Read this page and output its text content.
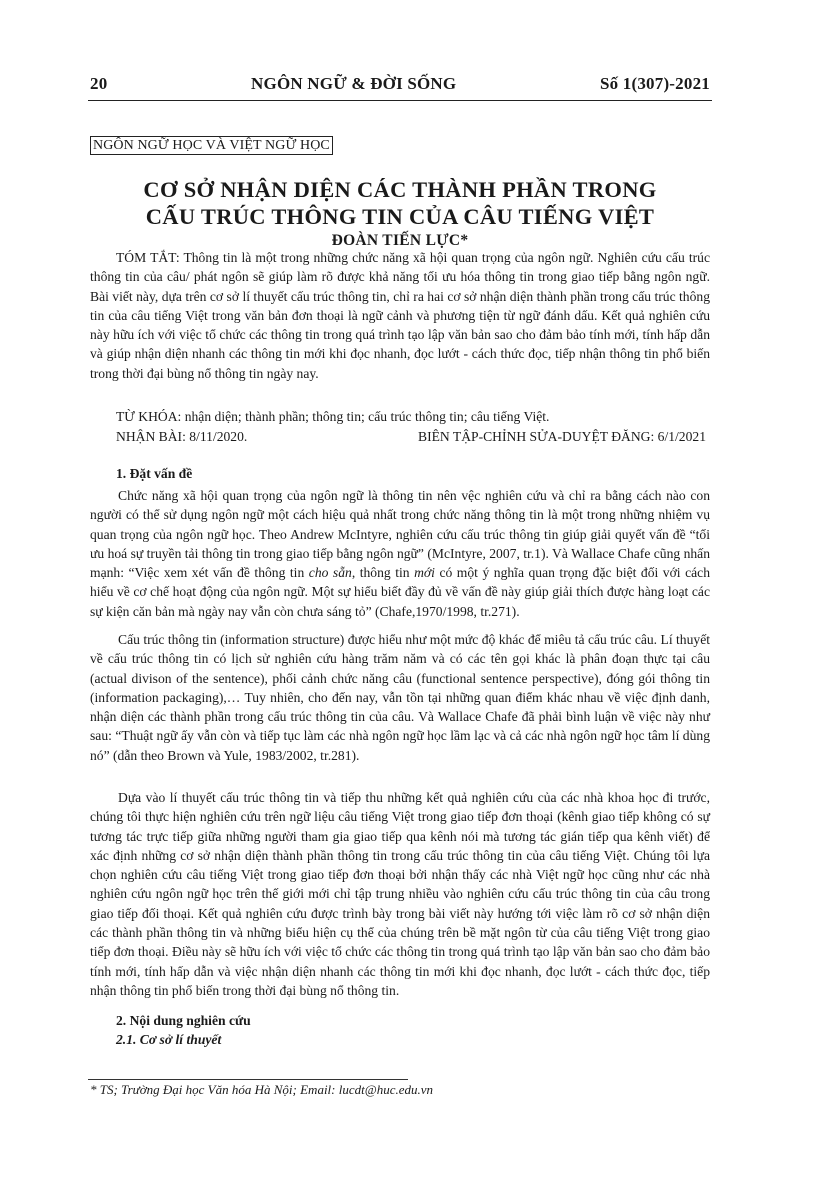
20	NGÔN NGỮ & ĐỜI SỐNG	Số 1(307)-2021
NGÔN NGỮ HỌC VÀ VIỆT NGỮ HỌC
CƠ SỞ NHẬN DIỆN CÁC THÀNH PHẦN TRONG
CẤU TRÚC THÔNG TIN CỦA CÂU TIẾNG VIỆT
ĐOÀN TIẾN LỰC*
TÓM TẮT: Thông tin là một trong những chức năng xã hội quan trọng của ngôn ngữ. Nghiên cứu cấu trúc thông tin của câu/ phát ngôn sẽ giúp làm rõ được khả năng tối ưu hóa thông tin trong giao tiếp bằng ngôn ngữ. Bài viết này, dựa trên cơ sở lí thuyết cấu trúc thông tin, chỉ ra hai cơ sở nhận diện thành phần trong cấu trúc thông tin của câu tiếng Việt trong văn bản đơn thoại là ngữ cảnh và phương tiện từ ngữ đánh dấu. Kết quả nghiên cứu này hữu ích với việc tổ chức các thông tin trong quá trình tạo lập văn bản sao cho đảm bảo tính mới, tính hấp dẫn và giúp nhận diện nhanh các thông tin mới khi đọc nhanh, đọc lướt - cách thức đọc, tiếp nhận thông tin phổ biến trong thời đại bùng nổ thông tin ngày nay.
TỪ KHÓA: nhận diện; thành phần; thông tin; cấu trúc thông tin; câu tiếng Việt.
NHẬN BÀI: 8/11/2020.	BIÊN TẬP-CHỈNH SỬA-DUYỆT ĐĂNG: 6/1/2021
1. Đặt vấn đề
Chức năng xã hội quan trọng của ngôn ngữ là thông tin nên vệc nghiên cứu và chỉ ra bằng cách nào con người có thể sử dụng ngôn ngữ một cách hiệu quả nhất trong chức năng thông tin là một trong những nhiệm vụ quan trọng của ngôn ngữ học. Theo Andrew McIntyre, nghiên cứu cấu trúc thông tin giúp giải quyết vấn đề “tối ưu hoá sự truyền tải thông tin trong giao tiếp bằng ngôn ngữ” (McIntyre, 2007, tr.1). Và Wallace Chafe cũng nhấn mạnh: “Việc xem xét vấn đề thông tin cho sẵn, thông tin mới có một ý nghĩa quan trọng đặc biệt đối với cách hiểu về cơ chế hoạt động của ngôn ngữ. Một sự hiểu biết đầy đủ về vấn đề này giúp giải thích được hàng loạt các sự kiện căn bản mà ngày nay vẫn còn chưa sáng tỏ” (Chafe,1970/1998, tr.271).
Cấu trúc thông tin (information structure) được hiểu như một mức độ khác để miêu tả cấu trúc câu. Lí thuyết về cấu trúc thông tin có lịch sử nghiên cứu hàng trăm năm và có các tên gọi khác là phân đoạn thực tại câu (actual divison of the sentence), phối cảnh chức năng câu (functional sentence perspective), đóng gói thông tin (information packaging),… Tuy nhiên, cho đến nay, vẫn tồn tại những quan điểm khác nhau về việc định danh, nhận diện các thành phần trong cấu trúc thông tin của câu. Và Wallace Chafe đã phải bình luận về việc này như sau: “Thuật ngữ ấy vẫn còn và tiếp tục làm các nhà ngôn ngữ học lầm lạc và cả các nhà ngôn ngữ học tâm lí dùng nó” (dẫn theo Brown và Yule, 1983/2002, tr.281).
Dựa vào lí thuyết cấu trúc thông tin và tiếp thu những kết quả nghiên cứu của các nhà khoa học đi trước, chúng tôi thực hiện nghiên cứu trên ngữ liệu câu tiếng Việt trong giao tiếp đơn thoại (kênh giao tiếp không có sự tương tác trực tiếp giữa những người tham gia giao tiếp qua kênh nói mà tương tác gián tiếp qua kênh viết) để xác định những cơ sở nhận diện thành phần thông tin trong cấu trúc thông tin của câu tiếng Việt. Chúng tôi lựa chọn nghiên cứu câu tiếng Việt trong giao tiếp đơn thoại bởi nhận thấy các nhà Việt ngữ học cũng như các nhà nghiên cứu ngôn ngữ học trên thế giới mới chỉ tập trung nhiều vào nghiên cứu cấu trúc thông tin của câu trong giao tiếp đối thoại. Kết quả nghiên cứu được trình bày trong bài viết này hướng tới việc làm rõ cơ sở nhận diện các thành phần thông tin và những biểu hiện cụ thể của chúng trên bề mặt ngôn từ của câu tiếng Việt trong giao tiếp đơn thoại. Điều này sẽ hữu ích với việc tổ chức các thông tin trong quá trình tạo lập văn bản sao cho đảm bảo tính mới, tính hấp dẫn và việc nhận diện nhanh các thông tin mới khi đọc nhanh, đọc lướt - cách thức đọc, tiếp nhận thông tin phổ biến trong thời đại bùng nổ thông tin.
2. Nội dung nghiên cứu
2.1. Cơ sở lí thuyết
* TS; Trường Đại học Văn hóa Hà Nội; Email: lucdt@huc.edu.vn
